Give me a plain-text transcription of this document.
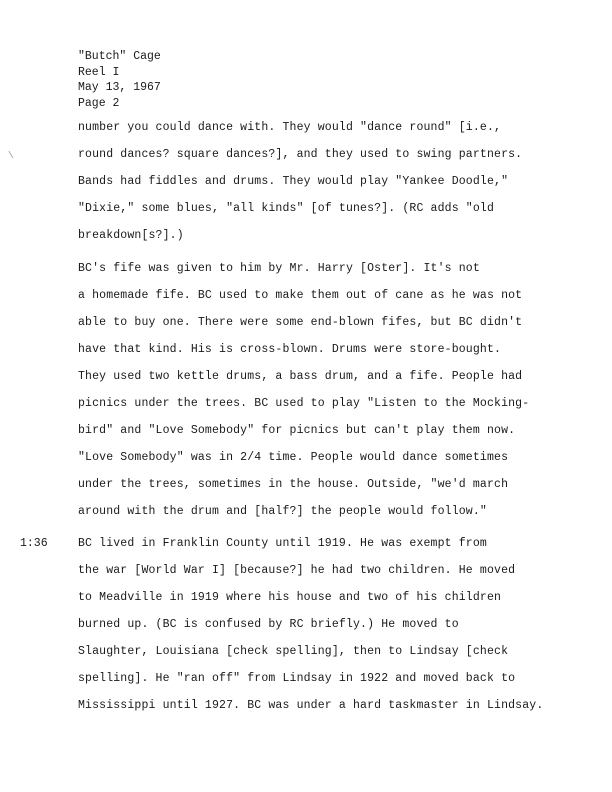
"Butch" Cage
Reel I
May 13, 1967
Page 2
1:36
number you could dance with. They would "dance round" [i.e.,
round dances? square dances?], and they used to swing partners.
Bands had fiddles and drums. They would play "Yankee Doodle,"
"Dixie," some blues, "all kinds" [of tunes?]. (RC adds "old
breakdown[s?].)
BC's fife was given to him by Mr. Harry [Oster]. It's not
a homemade fife. BC used to make them out of cane as he was not
able to buy one. There were some end-blown fifes, but BC didn't
have that kind. His is cross-blown. Drums were store-bought.
They used two kettle drums, a bass drum, and a fife. People had
picnics under the trees. BC used to play "Listen to the Mocking-
bird" and "Love Somebody" for picnics but can't play them now.
"Love Somebody" was in 2/4 time. People would dance sometimes
under the trees, sometimes in the house. Outside, "we'd march
around with the drum and [half?] the people would follow."
BC lived in Franklin County until 1919. He was exempt from
the war [World War I] [because?] he had two children. He moved
to Meadville in 1919 where his house and two of his children
burned up. (BC is confused by RC briefly.) He moved to
Slaughter, Louisiana [check spelling], then to Lindsay [check
spelling]. He "ran off" from Lindsay in 1922 and moved back to
Mississippi until 1927. BC was under a hard taskmaster in Lindsay.
